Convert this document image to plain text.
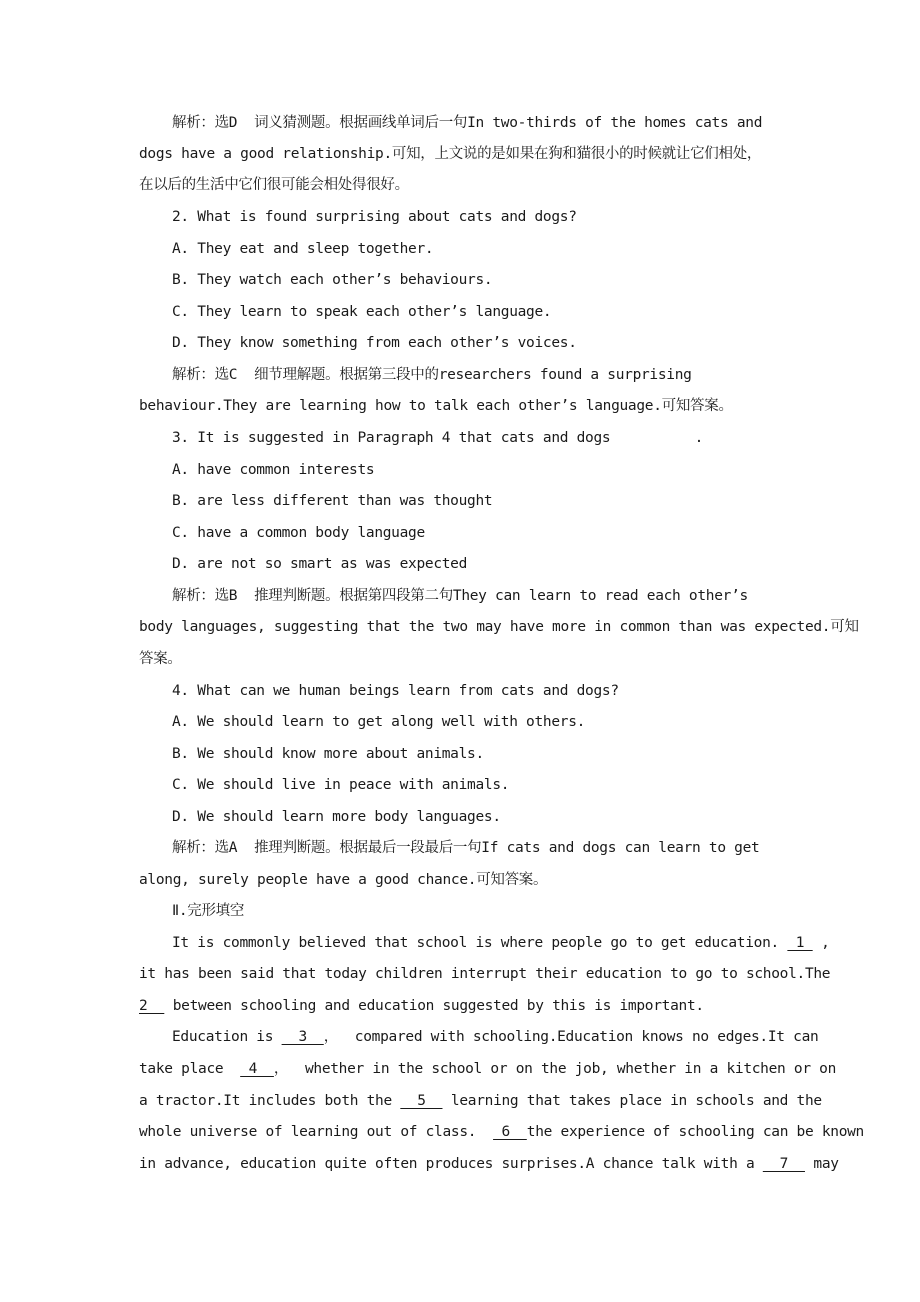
解析：选D  词义猜测题。根据画线单词后一句In two-thirds of the homes cats and
dogs have a good relationship.可知，上文说的是如果在狗和猫很小的时候就让它们相处，
在以后的生活中它们很可能会相处得很好。
2. What is found surprising about cats and dogs?
A. They eat and sleep together.
B. They watch each other’s behaviours.
C. They learn to speak each other’s language.
D. They know something from each other’s voices.
解析：选C  细节理解题。根据第三段中的researchers found a surprising
behaviour.They are learning how to talk each other’s language.可知答案。
3. It is suggested in Paragraph 4 that cats and dogs          .
A. have common interests
B. are less different than was thought
C. have a common body language
D. are not so smart as was expected
解析：选B  推理判断题。根据第四段第二句They can learn to read each other’s
body languages, suggesting that the two may have more in common than was expected.可知
答案。
4. What can we human beings learn from cats and dogs?
A. We should learn to get along well with others.
B. We should know more about animals.
C. We should live in peace with animals.
D. We should learn more body languages.
解析：选A  推理判断题。根据最后一段最后一句If cats and dogs can learn to get
along, surely people have a good chance.可知答案。
Ⅱ.完形填空
It is commonly believed that school is where people go to get education.  1  ,
it has been said that today children interrupt their education to go to school.The
2   between schooling and education suggested by this is important.
Education is   3  ，  compared with schooling.Education knows no edges.It can
take place   4  ，  whether in the school or on the job, whether in a kitchen or on
a tractor.It includes both the   5   learning that takes place in schools and the
whole universe of learning out of class.   6  the experience of schooling can be known
in advance, education quite often produces surprises.A chance talk with a   7   may
